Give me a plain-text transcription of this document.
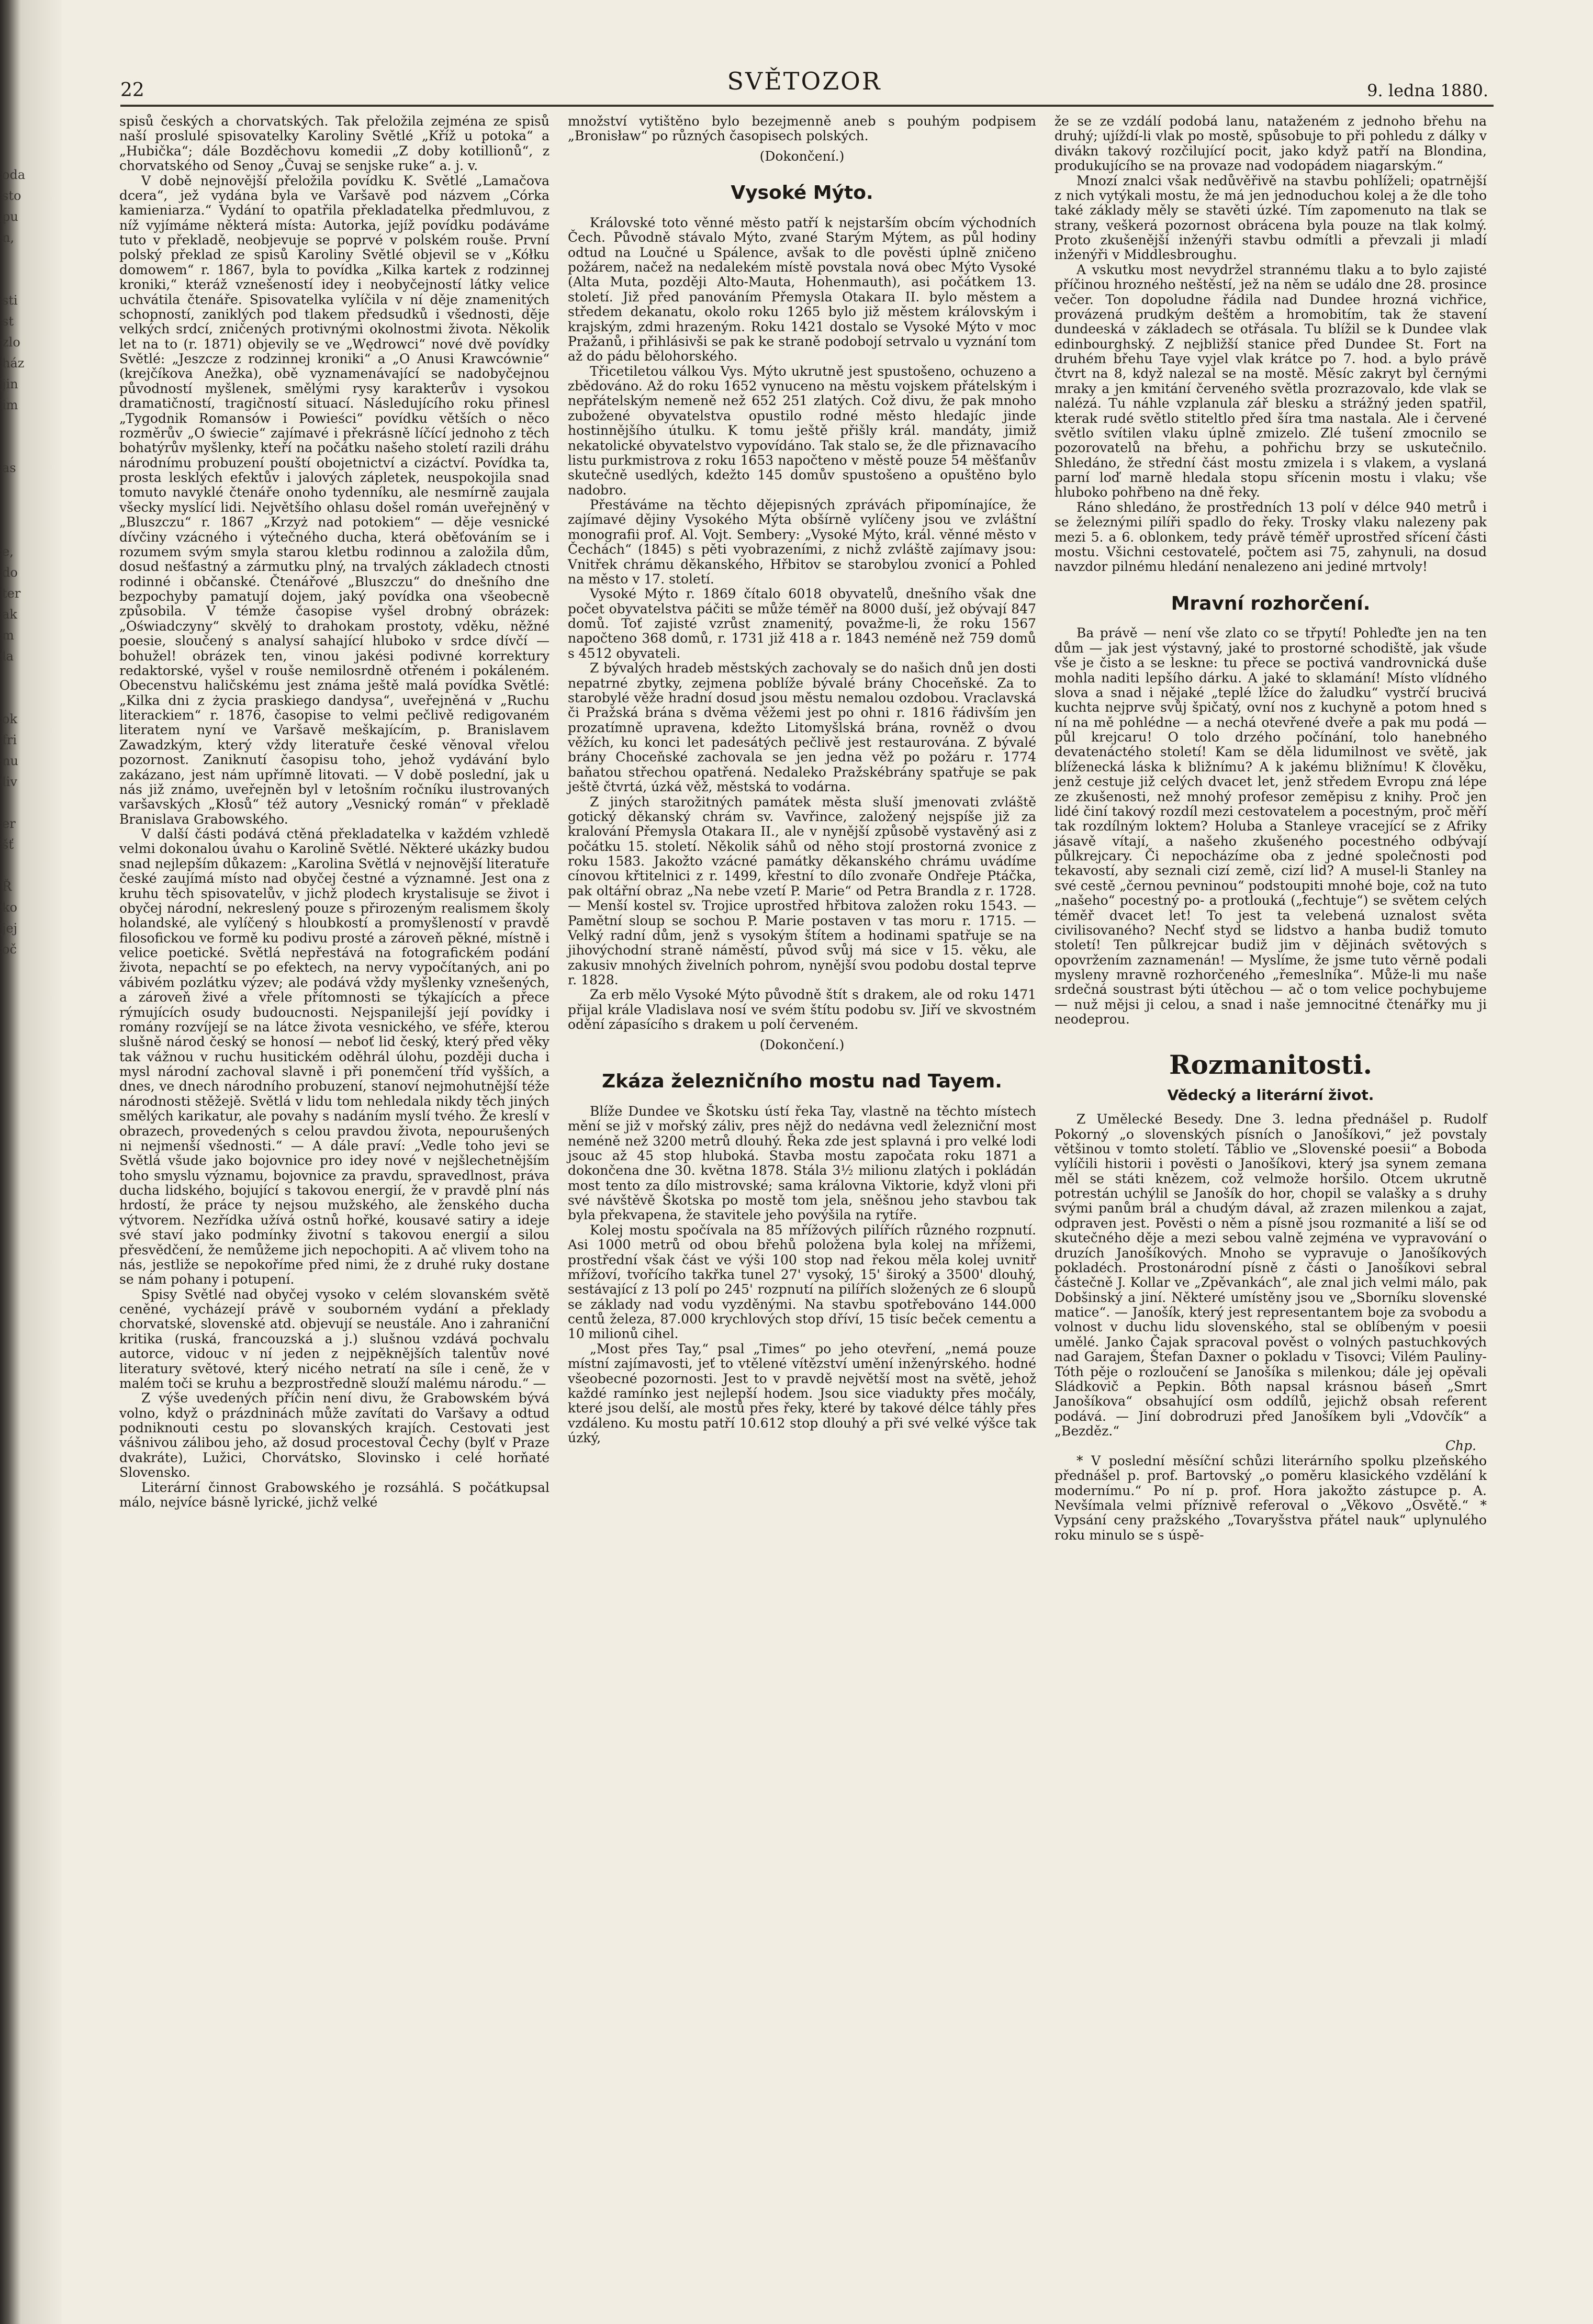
oda
sto
pu
n,
sti
st
zlo
ház
jin
im
as
e,
do
ter
ak
m
la
ok
fri
nu
liv
er
šť
Ř
ko
jej
oč
22	SVĚTOZOR	9. ledna 1880.

spisů českých a chorvatských. Tak přeložila zejména ze spisů naší proslulé spisovatelky Karoliny Světlé „Kříž u potoka“ a „Hubička“; dále Bozděchovu komedii „Z doby kotillionů“, z chorvatského od Senoy „Čuvaj se senjske ruke“ a. j. v.

V době nejnovější přeložila povídku K. Světlé „Lamačova dcera“, jež vydána byla ve Varšavě pod názvem „Córka kamieniarza.“ Vydání to opatřila překladatelka předmluvou, z níž vyjímáme některá místa: Autorka, jejíž povídku podáváme tuto v překladě, neobjevuje se poprvé v polském rouše. První polský překlad ze spisů Karoliny Světlé objevil se v „Kółku domowem“ r. 1867, byla to povídka „Kilka kartek z rodzinnej kroniki,“ kteráž vznešeností idey i neobyčejností látky velice uchvátila čtenáře. Spisovatelka vylíčila v ní děje znamenitých schopností, zaniklých pod tlakem předsudků i všednosti, děje velkých srdcí, zničených protivnými okolnostmi života. Několik let na to (r. 1871) objevily se ve „Wędrowci“ nové dvě povídky Světlé: „Jeszcze z rodzinnej kroniki“ a „O Anusi Krawcównie“ (krejčíkova Anežka), obě vyznamenávající se nadobyčejnou původností myšlenek, smělými rysy karakterův i vysokou dramatičností, tragičností situací. Následujícího roku přinesl „Tygodnik Romansów i Powieści“ povídku větších o něco rozměrův „O świecie“ zajímavé i překrásně líčící jednoho z těch bohatýrův myšlenky, kteří na počátku našeho století razili dráhu národnímu probuzení pouští obojetnictví a cizáctví. Povídka ta, prosta lesklých efektův i jalových zápletek, neuspokojila snad tomuto navyklé čtenáře onoho tydenníku, ale nesmírně zaujala všecky myslící lidi. Největšího ohlasu došel román uveřejněný v „Bluszczu“ r. 1867 „Krzyż nad potokiem“ — děje vesnické dívčiny vzácného i výtečného ducha, která oběťováním se i rozumem svým smyla starou kletbu rodinnou a založila dům, dosud nešťastný a zármutku plný, na trvalých základech ctnosti rodinné i občanské. Čtenářové „Bluszczu“ do dnešního dne bezpochyby pamatují dojem, jaký povídka ona všeobecně způsobila. V témže časopise vyšel drobný obrázek: „Oświadczyny“ skvělý to drahokam prostoty, vděku, něžné poesie, sloučený s analysí sahající hluboko v srdce dívčí — bohužel! obrázek ten, vinou jakési podivné korrektury redaktorské, vyšel v rouše nemilosrdně otřeném i pokáleném. Obecenstvu haličskému jest známa ještě malá povídka Světlé: „Kilka dni z życia praskiego dandysa“, uveřejněná v „Ruchu literackiem“ r. 1876, časopise to velmi pečlivě redigovaném literatem nyní ve Varšavě meškajícím, p. Branislavem Zawadzkým, který vždy literatuře české věnoval vřelou pozornost. Zaniknutí časopisu toho, jehož vydávání bylo zakázano, jest nám upřímně litovati. — V době poslední, jak u nás již známo, uveřejněn byl v letošním ročníku ilustrovaných varšavských „Kłosů“ též autory „Vesnický román“ v překladě Branislava Grabowského.

V další části podává ctěná překladatelka v každém vzhledě velmi dokonalou úvahu o Karolině Světlé. Některé ukázky budou snad nejlepším důkazem: „Karolina Světlá v nejnovější literatuře české zaujímá místo nad obyčej čestné a významné. Jest ona z kruhu těch spisovatelův, v jichž plodech krystalisuje se život i obyčej národní, nekreslený pouze s přirozeným realismem školy holandské, ale vylíčený s hloubkostí a promyšleností v pravdě filosofickou ve formě ku podivu prosté a zároveň pěkné, místně i velice poetické. Světlá nepřestává na fotografickém podání života, nepachtí se po efektech, na nervy vypočítaných, ani po vábivém pozlátku výzev; ale podává vždy myšlenky vznešených, a zároveň živé a vřele přítomnosti se týkajících a přece rýmujících osudy budoucnosti. Nejspanilejší její povídky i romány rozvíjejí se na látce života vesnického, ve sféře, kterou slušně národ český se honosí — neboť lid český, který před věky tak vážnou v ruchu husitickém oděhrál úlohu, později ducha i mysl národní zachoval slavně i při ponemčení tříd vyšších, a dnes, ve dnech národního probuzení, stanoví nejmohutnější téže národnosti stěžejě. Světlá v lidu tom nehledala nikdy těch jiných smělých karikatur, ale povahy s nadáním myslí tvého. Že kreslí v obrazech, provedených s celou pravdou života, nepourušených ni nejmenší všednosti.“ — A dále praví: „Vedle toho jevi se Světlá všude jako bojovnice pro idey nové v nejšlechetnějším toho smyslu významu, bojovnice za pravdu, spravedlnost, práva ducha lidského, bojující s takovou energií, že v pravdě plní nás hrdostí, že práce ty nejsou mužského, ale ženského ducha výtvorem. Nezřídka užívá ostnů hořké, kousavé satiry a ideje své staví jako podmínky životní s takovou energií a silou přesvědčení, že nemůžeme jich nepochopiti. A ač vlivem toho na nás, jestliže se nepokoříme před nimi, že z druhé ruky dostane se nám pohany i potupení.

Spisy Světlé nad obyčej vysoko v celém slovanském světě ceněné, vycházejí právě v souborném vydání a překlady chorvatské, slovenské atd. objevují se neustále. Ano i zahraniční kritika (ruská, francouzská a j.) slušnou vzdává pochvalu autorce, vidouc v ní jeden z nejpěknějších talentův nové literatury světové, který nicého netratí na síle i ceně, že v malém toči se kruhu a bezprostředně slouží malému národu.“ —

Z výše uvedených příčin není divu, že Grabowském bývá volno, když o prázdninách může zavítati do Varšavy a odtud podniknouti cestu po slovanských krajích. Cestovati jest vášnivou zálibou jeho, až dosud procestoval Čechy (bylť v Praze dvakráte), Lužici, Chorvátsko, Slovinsko i celé horňaté Slovensko.

Literární činnost Grabowského je rozsáhlá. S počátkupsal málo, nejvíce básně lyrické, jichž velké

množství vytištěno bylo bezejmenně aneb s pouhým podpisem „Bronisław“ po různých časopisech polských.

(Dokončení.)
Vysoké Mýto.

Královské toto věnné město patří k nejstarším obcím východních Čech. Původně stávalo Mýto, zvané Starým Mýtem, as půl hodiny odtud na Loučné u Spálence, avšak to dle pověsti úplně zničeno požárem, načež na nedalekém místě povstala nová obec Mýto Vysoké (Alta Muta, později Alto-Mauta, Hohenmauth), asi počátkem 13. století. Již před panováním Přemysla Otakara II. bylo městem a středem dekanatu, okolo roku 1265 bylo již městem královským i krajským, zdmi hrazeným. Roku 1421 dostalo se Vysoké Mýto v moc Pražanů, i přihlásivši se pak ke straně podobojí setrvalo u vyznání tom až do pádu bělohorského.

Třicetiletou válkou Vys. Mýto ukrutně jest spustošeno, ochuzeno a zbědováno. Až do roku 1652 vynuceno na městu vojskem přátelským i nepřátelským nemeně než 652 251 zlatých. Což divu, že pak mnoho zubožené obyvatelstva opustilo rodné město hledajíc jinde hostinnějšího útulku. K tomu ještě přišly král. mandáty, jimiž nekatolické obyvatelstvo vypovídáno. Tak stalo se, že dle přiznavacího listu purkmistrova z roku 1653 napočteno v městě pouze 54 měšťanův skutečně usedlých, kdežto 145 domův spustošeno a opuštěno bylo nadobro.

Přestáváme na těchto dějepisných zprávách připomínajíce, že zajímavé dějiny Vysokého Mýta obšírně vylíčeny jsou ve zvláštní monografii prof. Al. Vojt. Sembery: „Vysoké Mýto, král. věnné město v Čechách“ (1845) s pěti vyobrazeními, z nichž zvláště zajímavy jsou: Vnitřek chrámu děkanského, Hřbitov se starobylou zvonicí a Pohled na město v 17. století.

Vysoké Mýto r. 1869 čítalo 6018 obyvatelů, dnešního však dne počet obyvatelstva páčiti se může téměř na 8000 duší, jež obývají 847 domů. Toť zajisté vzrůst znamenitý, považme-li, že roku 1567 napočteno 368 domů, r. 1731 již 418 a r. 1843 neméně než 759 domů s 4512 obyvateli.

Z bývalých hradeb městských zachovaly se do našich dnů jen dosti nepatrné zbytky, zejmena poblíže bývalé brány Choceňské. Za to starobylé věže hradní dosud jsou městu nemalou ozdobou. Vraclavská či Pražská brána s dvěma věžemi jest po ohni r. 1816 řádivším jen prozatímně upravena, kdežto Litomyšlská brána, rovněž o dvou věžích, ku konci let padesátých pečlivě jest restaurována. Z bývalé brány Choceňské zachovala se jen jedna věž po požáru r. 1774 baňatou střechou opatřená. Nedaleko Pražskébrány spatřuje se pak ještě čtvrtá, úzká věž, městská to vodárna.

Z jiných starožitných památek města sluší jmenovati zvláště gotický děkanský chrám sv. Vavřince, založený nejspíše již za kralování Přemysla Otakara II., ale v nynější způsobě vystavěný asi z počátku 15. století. Několik sáhů od něho stojí prostorná zvonice z roku 1583. Jakožto vzácné památky děkanského chrámu uvádíme cínovou křtitelnici z r. 1499, křestní to dílo zvonaře Ondřeje Ptáčka, pak oltářní obraz „Na nebe vzetí P. Marie“ od Petra Brandla z r. 1728. — Menší kostel sv. Trojice uprostřed hřbitova založen roku 1543. — Pamětní sloup se sochou P. Marie postaven v tas moru r. 1715. — Velký radní dům, jenž s vysokým štítem a hodinami spatřuje se na jihovýchodní straně náměstí, původ svůj má sice v 15. věku, ale zakusiv mnohých živelních pohrom, nynější svou podobu dostal teprve r. 1828.

Za erb mělo Vysoké Mýto původně štít s drakem, ale od roku 1471 přijal krále Vladislava nosí ve svém štítu podobu sv. Jiří ve skvostném odění zápasícího s drakem u polí červeném.

(Dokončení.)
Zkáza železničního mostu nad Tayem.

Blíže Dundee ve Škotsku ústí řeka Tay, vlastně na těchto místech mění se již v mořský záliv, pres nějž do nedávna vedl železniční most neméně než 3200 metrů dlouhý. Řeka zde jest splavná i pro velké lodi jsouc až 45 stop hluboká. Stavba mostu započata roku 1871 a dokončena dne 30. května 1878. Stála 3½ milionu zlatých i pokládán most tento za dílo mistrovské; sama královna Viktorie, když vloni při své návštěvě Škotska po mostě tom jela, sněšnou jeho stavbou tak byla překvapena, že stavitele jeho povýšila na rytíře.

Kolej mostu spočívala na 85 mřížových pilířích různého rozpnutí. Asi 1000 metrů od obou břehů položena byla kolej na mřížemi, prostřední však část ve výši 100 stop nad řekou měla kolej uvnitř mřížoví, tvořícího takřka tunel 27' vysoký, 15' široký a 3500' dlouhý, sestávající z 13 polí po 245' rozpnutí na pilířích složených ze 6 sloupů se základy nad vodu vyzděnými. Na stavbu spotřebováno 144.000 centů železa, 87.000 krychlových stop dříví, 15 tisíc beček cementu a 10 milionů cihel.

„Most přes Tay,“ psal „Times“ po jeho otevření, „nemá pouze místní zajímavosti, jeť to vtělené vítězství umění inženýrského. hodné všeobecné pozornosti. Jest to v pravdě největší most na světě, jehož každé ramínko jest nejlepší hodem. Jsou sice viadukty přes močály, které jsou delší, ale mostů přes řeky, které by takové délce táhly přes vzdáleno. Ku mostu patří 10.612 stop dlouhý a při své velké výšce tak úzký,

že se ze vzdálí podobá lanu, nataženém z jednoho břehu na druhý; ujíždí-li vlak po mostě, spůsobuje to při pohledu z dálky v divákn takový rozčilující pocit, jako když patří na Blondina, produkujícího se na provaze nad vodopádem niagarským.“

Mnozí znalci však nedůvěřivě na stavbu pohlíželi; opatrnější z nich vytýkali mostu, že má jen jednoduchou kolej a že dle toho také základy měly se stavěti úzké. Tím zapomenuto na tlak se strany, veškerá pozornost obrácena byla pouze na tlak kolmý. Proto zkušenější inženýři stavbu odmítli a převzali ji mladí inženýři v Middlesbroughu.

A vskutku most nevydržel strannému tlaku a to bylo zajisté příčinou hrozného neštěstí, jež na něm se událo dne 28. prosince večer. Ton dopoludne řádila nad Dundee hrozná vichřice, provázená prudkým deštěm a hromobitím, tak že stavení dundeeská v základech se otřásala. Tu blížil se k Dundee vlak edinbourghský. Z nejbližší stanice před Dundee St. Fort na druhém břehu Taye vyjel vlak krátce po 7. hod. a bylo právě čtvrt na 8, když nalezal se na mostě. Měsíc zakryt byl černými mraky a jen kmitání červeného světla prozrazovalo, kde vlak se nalézá. Tu náhle vzplanula zář blesku a strážný jeden spatřil, kterak rudé světlo stiteltlo před šíra tma nastala. Ale i červené světlo svítilen vlaku úplně zmizelo. Zlé tušení zmocnilo se pozorovatelů na břehu, a pohřichu brzy se uskutečnilo. Shledáno, že střední část mostu zmizela i s vlakem, a vyslaná parní loď marně hledala stopu sřícenin mostu i vlaku; vše hluboko pohřbeno na dně řeky.

Ráno shledáno, že prostředních 13 polí v délce 940 metrů i se železnými pilíři spadlo do řeky. Trosky vlaku nalezeny pak mezi 5. a 6. oblonkem, tedy právě téměř uprostřed sřícení části mostu. Všichni cestovatelé, počtem asi 75, zahynuli, na dosud navzdor pilnému hledání nenalezeno ani jediné mrtvoly!

Mravní rozhorčení.

Ba právě — není vše zlato co se třpytí! Pohleďte jen na ten dům — jak jest výstavný, jaké to prostorné schodiště, jak všude vše je čisto a se leskne: tu přece se poctivá vandrovnická duše mohla naditi lepšího dárku. A jaké to sklamání! Místo vlídného slova a snad i nějaké „teplé lžíce do žaludku“ vystrčí brucivá kuchta nejprve svůj špičatý, ovní nos z kuchyně a potom hned s ní na mě pohlédne — a nechá otevřené dveře a pak mu podá — půl krejcaru! O tolo drzého počínání, tolo hanebného devatenáctého století! Kam se děla lidumilnost ve světě, jak blíženecká láska k bližnímu? A k jakému bližnímu! K člověku, jenž cestuje již celých dvacet let, jenž středem Evropu zná lépe ze zkušenosti, než mnohý profesor zeměpisu z knihy. Proč jen lidé činí takový rozdíl mezi cestovatelem a pocestným, proč měří tak rozdílným loktem? Holuba a Stanleye vracející se z Afriky jásavě vítají, a našeho zkušeného pocestného odbývají půlkrejcary. Či nepocházíme oba z jedné společnosti pod tekavostí, aby seznali cizí země, cizí lid? A musel-li Stanley na své cestě „černou pevninou“ podstoupiti mnohé boje, což na tuto „našeho“ pocestný po- a protlouká („fechtuje“) se světem celých téměř dvacet let! To jest ta velebená uznalost světa civilisovaného? Nechť styd se lidstvo a hanba budiž tomuto století! Ten půlkrejcar budiž jim v dějinách světových s opovržením zaznamenán! — Myslíme, že jsme tuto věrně podali mysleny mravně rozhorčeného „řemeslníka“. Může-li mu naše srdečná soustrast býti útěchou — ač o tom velice pochybujeme — nuž mějsi ji celou, a snad i naše jemnocitné čtenářky mu ji neodeprou.

Rozmanitosti.
Vědecký a literární život.

Z Umělecké Besedy. Dne 3. ledna přednášel p. Rudolf Pokorný „o slovenských písních o Janošíkovi,“ jež povstaly většinou v tomto století. Táblio ve „Slovenské poesii“ a Boboda vylíčili historii i pověsti o Janošíkovi, který jsa synem zemana měl se státi knězem, což velmože horšilo. Otcem ukrutně potrestán uchýlil se Janošík do hor, chopil se valašky a s druhy svými panům brál a chudým dával, až zrazen milenkou a zajat, odpraven jest. Pověsti o něm a písně jsou rozmanité a liší se od skutečného děje a mezi sebou valně zejména ve vypravování o druzích Janošíkových. Mnoho se vypravuje o Janošíkových pokladéch. Prostonárodní písně z části o Janošíkovi sebral částečně J. Kollar ve „Zpěvankách“, ale znal jich velmi málo, pak Dobšinský a jiní. Některé umístěny jsou ve „Sborníku slovenské matice“. — Janošík, který jest representantem boje za svobodu a volnost v duchu lidu slovenského, stal se oblíbeným v poesii umělé. Janko Čajak spracoval pověst o volných pastuchkových nad Garajem, Štefan Daxner o pokladu v Tisovci; Vilém Pauliny-Tóth pěje o rozloučení se Janošíka s milenkou; dále jej opěvali Sládkovič a Pepkin. Bôth napsal krásnou báseň „Smrt Janošíkova“ obsahující osm oddílů, jejichž obsah referent podává. — Jiní dobrodruzi před Janošíkem byli „Vdovčík“ a „Bezděz.“

Chp.

* V poslední měsíční schůzi literárního spolku plzeňského přednášel p. prof. Bartovský „o poměru klasického vzdělání k modernímu.“ Po ní p. prof. Hora jakožto zástupce p. A. Nevšímala velmi příznivě referoval o „Věkovo „Osvětě.“ * Vypsání ceny pražského „Tovaryšstva přátel nauk“ uplynulého roku minulo se s úspě-
